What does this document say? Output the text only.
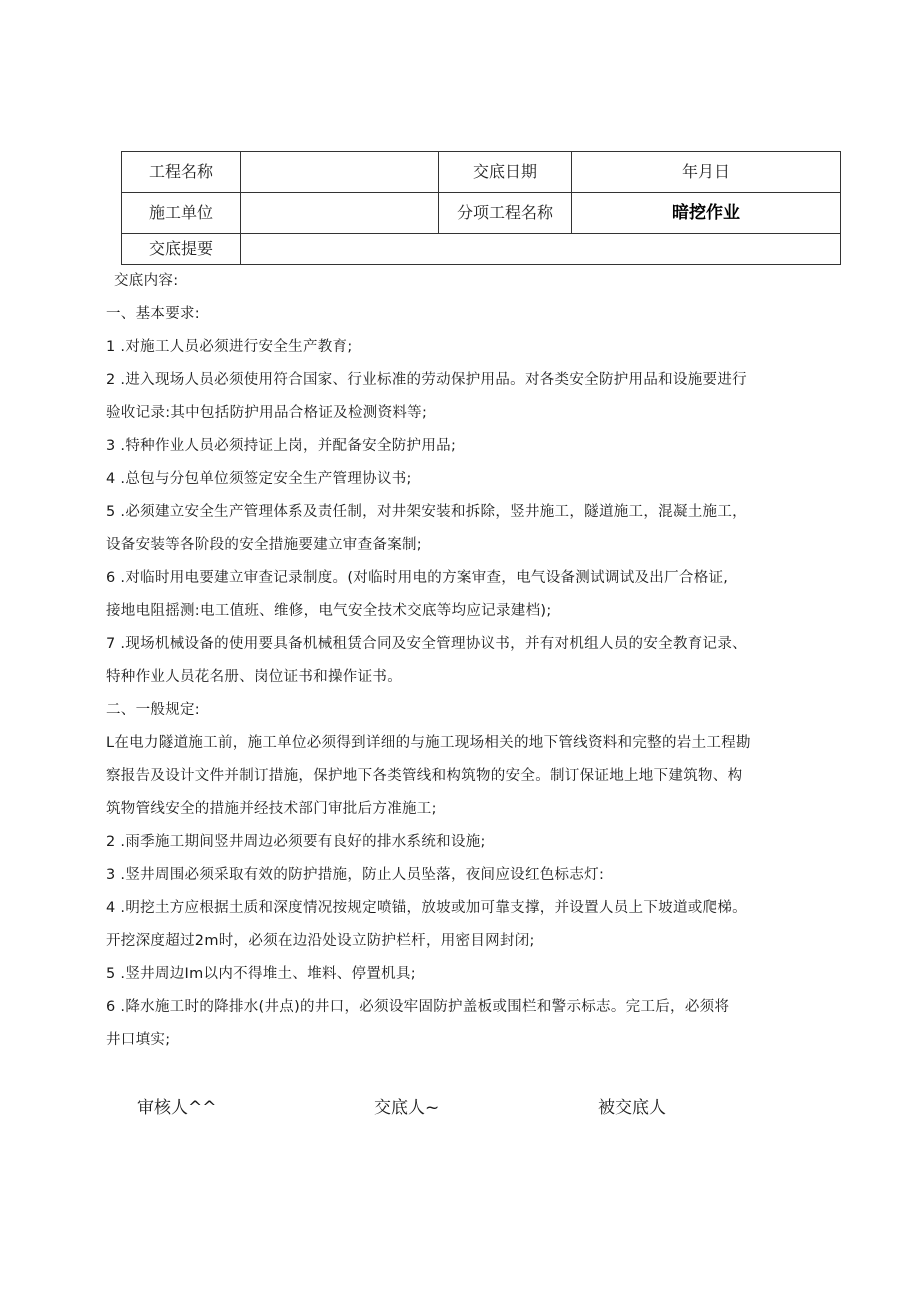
工程名称		交底日期	年月日
施工单位		分项工程名称	暗挖作业
交底提要			
交底内容:
一、基本要求:
1 .对施工人员必须进行安全生产教育;
2 .进入现场人员必须使用符合国家、行业标准的劳动保护用品。对各类安全防护用品和设施要进行
验收记录:其中包括防护用品合格证及检测资料等;
3 .特种作业人员必须持证上岗，并配备安全防护用品;
4 .总包与分包单位须签定安全生产管理协议书;
5 .必须建立安全生产管理体系及责任制，对井架安装和拆除，竖井施工，隧道施工，混凝土施工，
设备安装等各阶段的安全措施要建立审查备案制;
6 .对临时用电要建立审查记录制度。(对临时用电的方案审查，电气设备测试调试及出厂合格证,
接地电阻摇测:电工值班、维修，电气安全技术交底等均应记录建档);
7 .现场机械设备的使用要具备机械租赁合同及安全管理协议书，并有对机组人员的安全教育记录、
特种作业人员花名册、岗位证书和操作证书。
二、一般规定:
L在电力隧道施工前，施工单位必须得到详细的与施工现场相关的地下管线资料和完整的岩土工程勘
察报告及设计文件并制订措施，保护地下各类管线和构筑物的安全。制订保证地上地下建筑物、构
筑物管线安全的措施并经技术部门审批后方准施工;
2 .雨季施工期间竖井周边必须要有良好的排水系统和设施;
3 .竖井周围必须采取有效的防护措施，防止人员坠落，夜间应设红色标志灯:
4 .明挖土方应根据土质和深度情况按规定喷锚，放坡或加可靠支撑，并设置人员上下坡道或爬梯。
开挖深度超过2m时，必须在边沿处设立防护栏杆，用密目网封闭;
5 .竖井周边Im以内不得堆土、堆料、停置机具;
6 .降水施工时的降排水(井点)的井口，必须设牢固防护盖板或围栏和警示标志。完工后，必须将
井口填实;
审核人^^	交底人~	被交底人
